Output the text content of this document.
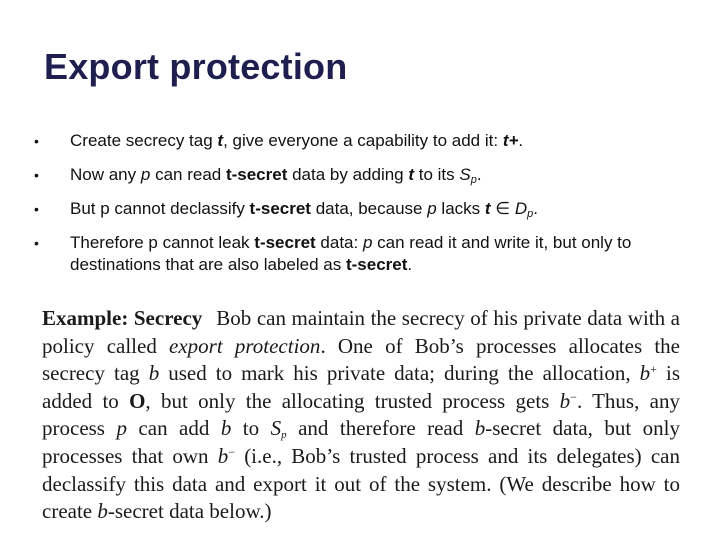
Export protection
• Create secrecy tag t, give everyone a capability to add it: t+.
• Now any p can read t-secret data by adding t to its $S_p$.
• But p cannot declassify t-secret data, because p lacks t ∈ $D_p$.
• Therefore p cannot leak t-secret data: p can read it and write it, but only to destinations that are also labeled as t-secret.

Example: Secrecy Bob can maintain the secrecy of his private data with a policy called export protection. One of Bob’s processes allocates the secrecy tag b used to mark his private data; during the allocation, b+ is added to O, but only the allocating trusted process gets b−. Thus, any process p can add b to $S_p$ and therefore read b-secret data, but only processes that own b− (i.e., Bob’s trusted process and its delegates) can declassify this data and export it out of the system. (We describe how to create b-secret data below.)
